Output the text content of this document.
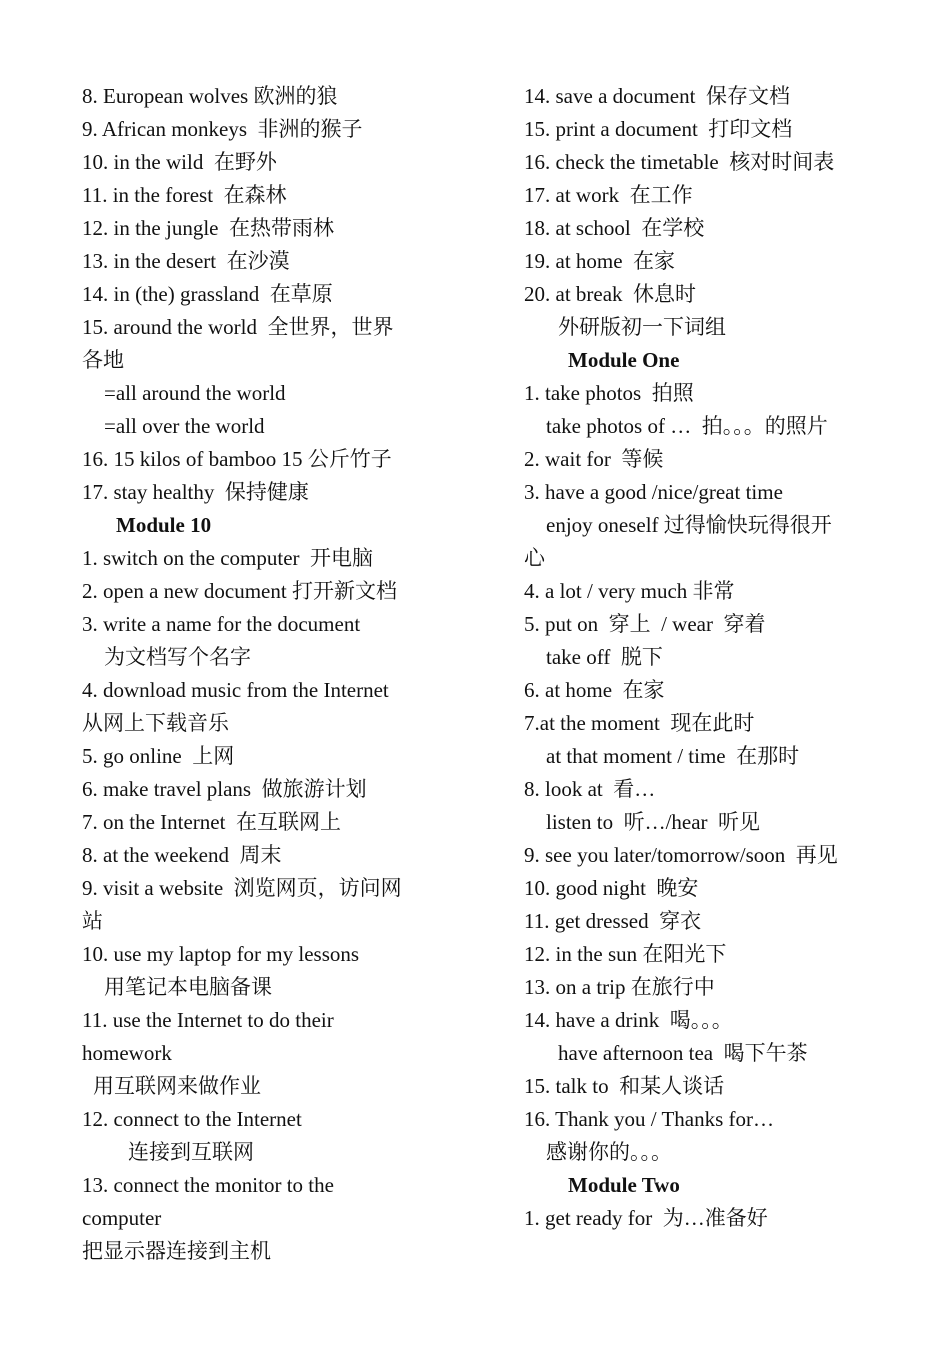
8. European wolves 欧洲的狼
9. African monkeys  非洲的猴子
10. in the wild  在野外
11. in the forest  在森林
12. in the jungle  在热带雨林
13. in the desert  在沙漠
14. in (the) grassland  在草原
15. around the world  全世界，世界
各地
=all around the world
=all over the world
16. 15 kilos of bamboo 15 公斤竹子
17. stay healthy  保持健康
Module 10
1. switch on the computer  开电脑
2. open a new document 打开新文档
3. write a name for the document
为文档写个名字
4. download music from the Internet
从网上下载音乐
5. go online  上网
6. make travel plans  做旅游计划
7. on the Internet  在互联网上
8. at the weekend  周末
9. visit a website  浏览网页，访问网
站
10. use my laptop for my lessons
用笔记本电脑备课
11. use the Internet to do their
homework
用互联网来做作业
12. connect to the Internet
连接到互联网
13. connect the monitor to the
computer
把显示器连接到主机
14. save a document  保存文档
15. print a document  打印文档
16. check the timetable  核对时间表
17. at work  在工作
18. at school  在学校
19. at home  在家
20. at break  休息时
外研版初一下词组
Module One
1. take photos  拍照
take photos of …  拍。。。的照片
2. wait for  等候
3. have a good /nice/great time
enjoy oneself 过得愉快玩得很开
心
4. a lot / very much 非常
5. put on  穿上  / wear  穿着
take off  脱下
6. at home  在家
7.at the moment  现在此时
at that moment / time  在那时
8. look at  看…
listen to  听…/hear  听见
9. see you later/tomorrow/soon  再见
10. good night  晚安
11. get dressed  穿衣
12. in the sun 在阳光下
13. on a trip 在旅行中
14. have a drink  喝。。。
have afternoon tea  喝下午茶
15. talk to  和某人谈话
16. Thank you / Thanks for…
感谢你的。。。
Module Two
1. get ready for  为…准备好
